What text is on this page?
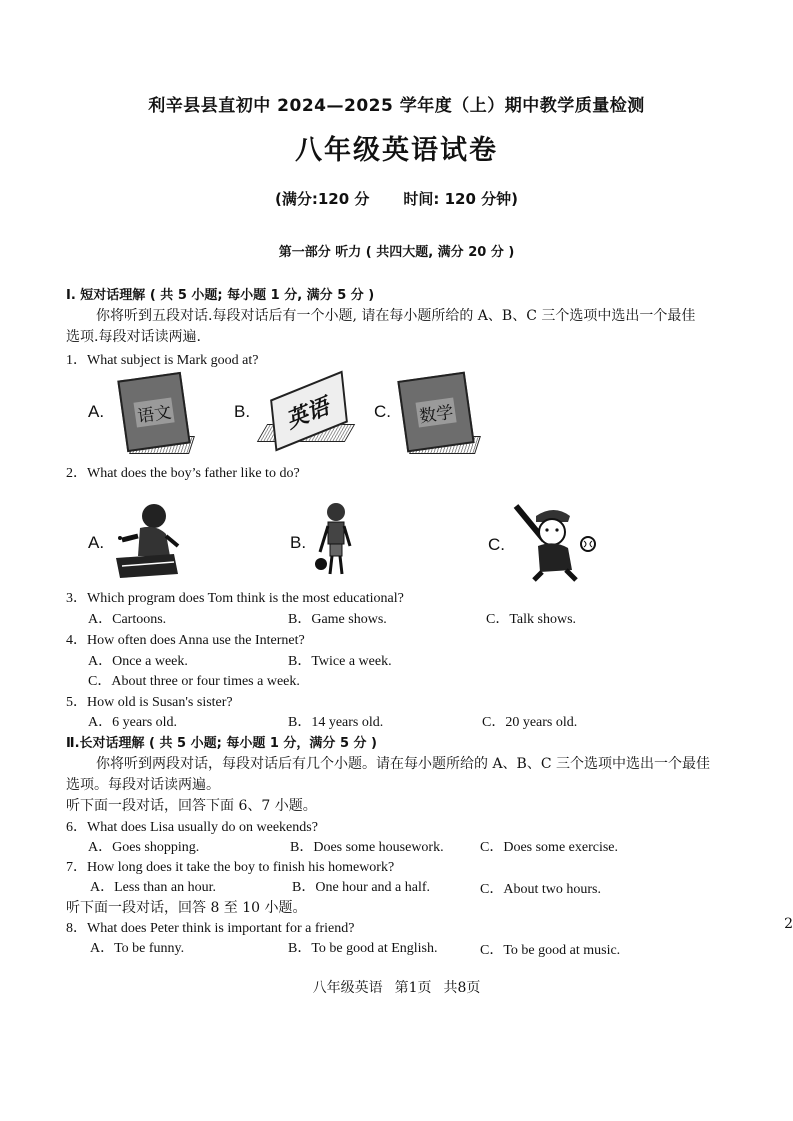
利辛县县直初中 2024—2025 学年度（上）期中教学质量检测
八年级英语试卷
(满分:120 分 时间: 120 分钟)
第一部分 听力 ( 共四大题, 满分 20 分 )
Ⅰ. 短对话理解 ( 共 5 小题; 每小题 1 分, 满分 5 分 )
你将听到五段对话.每段对话后有一个小题, 请在每小题所给的 A、B、C 三个选项中选出一个最佳
选项.每段对话读两遍.
1．What subject is Mark good at?
A. 语文	B. 英语	C. 数学
2．What does the boy’s father like to do?
A.	B.	C.
3．Which program does Tom think is the most educational?
A．Cartoons.	B．Game shows.	C．Talk shows.
4．How often does Anna use the Internet?
A．Once a week.	B．Twice a week.
C．About three or four times a week.
5．How old is Susan's sister?
A．6 years old.	B．14 years old.	C．20 years old.
Ⅱ.长对话理解 ( 共 5 小题; 每小题 1 分，满分 5 分 )
你将听到两段对话，每段对话后有几个小题。请在每小题所给的 A、B、C 三个选项中选出一个最佳
选项。每段对话读两遍。
听下面一段对话，回答下面 6、7 小题。
6．What does Lisa usually do on weekends?
A．Goes shopping.	B．Does some housework.	C．Does some exercise.
7．How long does it take the boy to finish his homework?
A．Less than an hour.	B．One hour and a half.	C．About two hours.
听下面一段对话，回答 8 至 10 小题。
8．What does Peter think is important for a friend?
A．To be funny.	B．To be good at English.	C．To be good at music.
2
八年级英语 第1页 共8页
